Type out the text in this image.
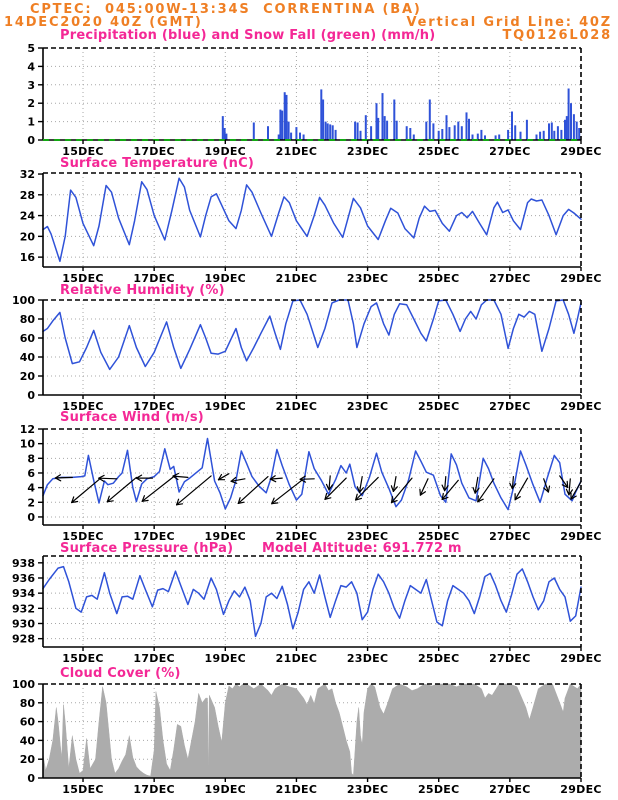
CPTEC:  045:00W-13:34S  CORRENTINA (BA)
14DEC2020 40Z (GMT)	Vertical Grid Line: 40Z
TQ0126L028
Precipitation (blue) and Snow Fall (green) (mm/h)
Surface Temperature (nC)
Relative Humidity (%)
Surface Wind (m/s)
Surface Pressure (hPa) Model Altitude: 691.772 m
Cloud Cover (%)
0
1
2
3
4
5
15DEC	17DEC	19DEC	21DEC	23DEC	25DEC	27DEC	29DEC
16
20
24
28
32
15DEC	17DEC	19DEC	21DEC	23DEC	25DEC	27DEC	29DEC
0
20
40
60
80
100
15DEC	17DEC	19DEC	21DEC	23DEC	25DEC	27DEC	29DEC
0
2
4
6
8
10
12
15DEC	17DEC	19DEC	21DEC	23DEC	25DEC	27DEC	29DEC
928
930
932
934
936
938
15DEC	17DEC	19DEC	21DEC	23DEC	25DEC	27DEC	29DEC
0
20
40
60
80
100
15DEC	17DEC	19DEC	21DEC	23DEC	25DEC	27DEC	29DEC
